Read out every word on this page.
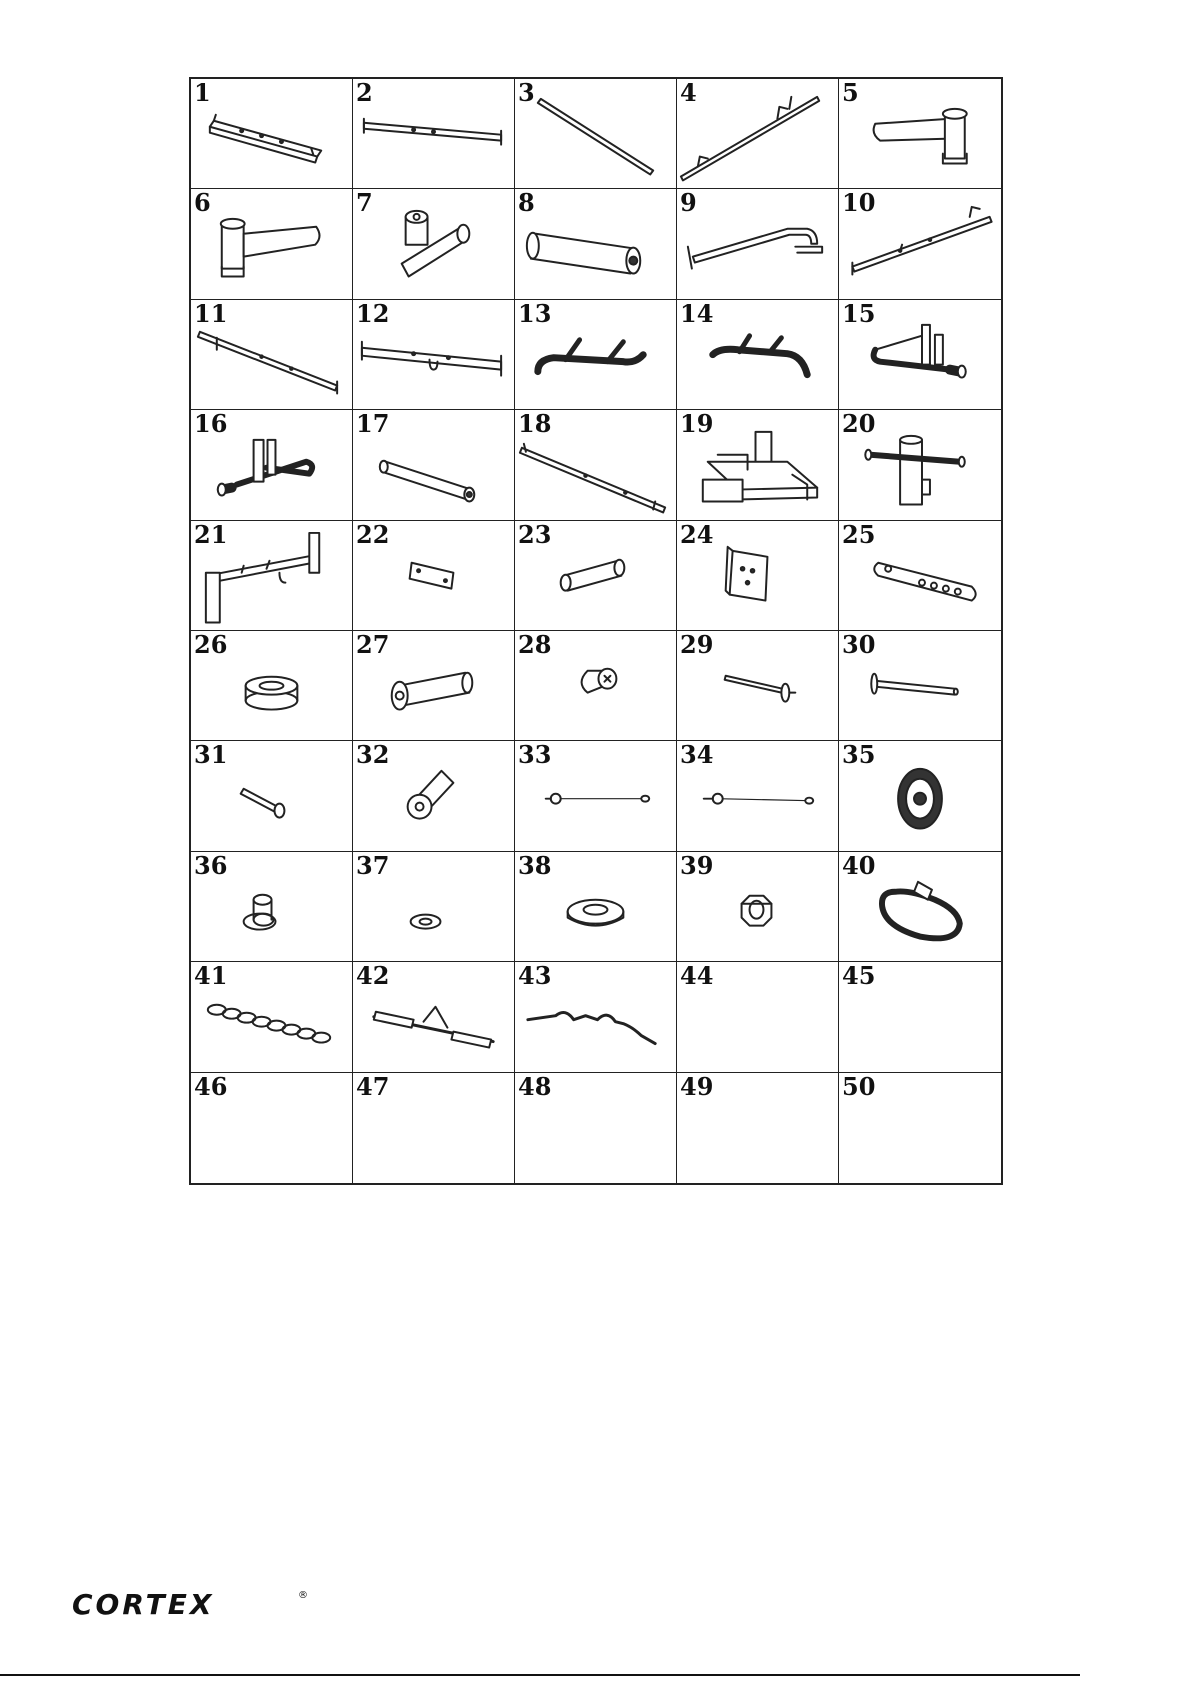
1	2	3	4	5
6	7	8	9	10
11	12	13	14	15
16	17	18	19	20
21	22	23	24	25
26	27	28	29	30
31	32	33	34	35
36	37	38	39	40
41	42	43	44	45
46	47	48	49	50
CORTEX	®
